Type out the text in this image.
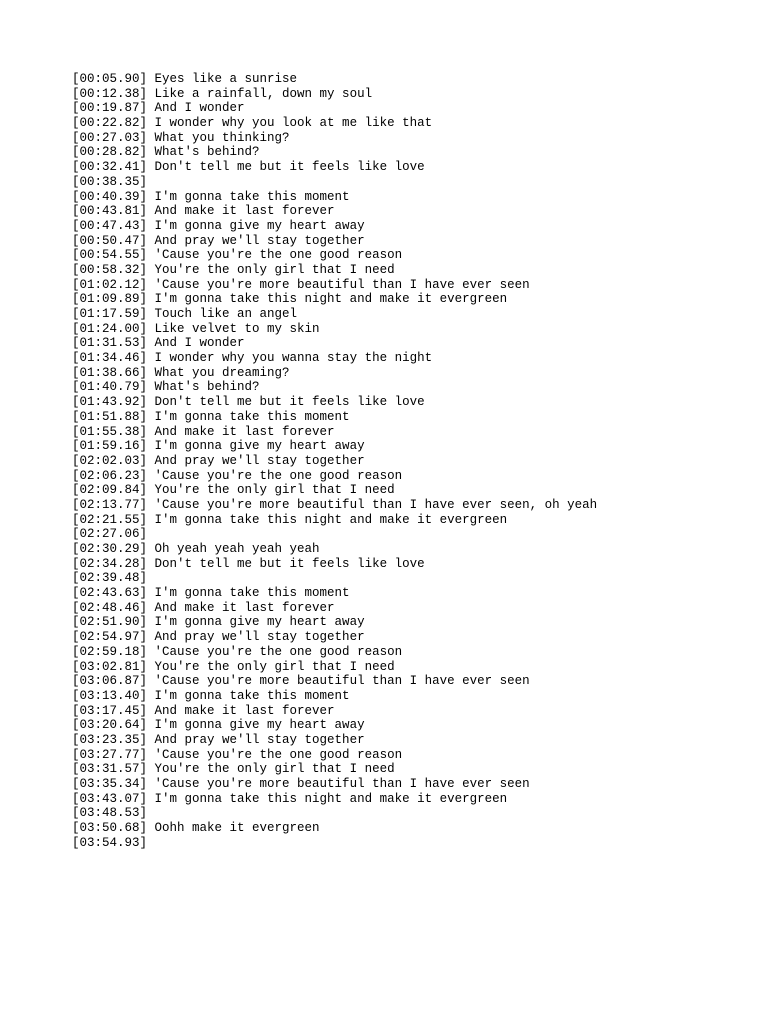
[00:05.90] Eyes like a sunrise
[00:12.38] Like a rainfall, down my soul
[00:19.87] And I wonder
[00:22.82] I wonder why you look at me like that
[00:27.03] What you thinking?
[00:28.82] What's behind?
[00:32.41] Don't tell me but it feels like love
[00:38.35]
[00:40.39] I'm gonna take this moment
[00:43.81] And make it last forever
[00:47.43] I'm gonna give my heart away
[00:50.47] And pray we'll stay together
[00:54.55] 'Cause you're the one good reason
[00:58.32] You're the only girl that I need
[01:02.12] 'Cause you're more beautiful than I have ever seen
[01:09.89] I'm gonna take this night and make it evergreen
[01:17.59] Touch like an angel
[01:24.00] Like velvet to my skin
[01:31.53] And I wonder
[01:34.46] I wonder why you wanna stay the night
[01:38.66] What you dreaming?
[01:40.79] What's behind?
[01:43.92] Don't tell me but it feels like love
[01:51.88] I'm gonna take this moment
[01:55.38] And make it last forever
[01:59.16] I'm gonna give my heart away
[02:02.03] And pray we'll stay together
[02:06.23] 'Cause you're the one good reason
[02:09.84] You're the only girl that I need
[02:13.77] 'Cause you're more beautiful than I have ever seen, oh yeah
[02:21.55] I'm gonna take this night and make it evergreen
[02:27.06]
[02:30.29] Oh yeah yeah yeah yeah
[02:34.28] Don't tell me but it feels like love
[02:39.48]
[02:43.63] I'm gonna take this moment
[02:48.46] And make it last forever
[02:51.90] I'm gonna give my heart away
[02:54.97] And pray we'll stay together
[02:59.18] 'Cause you're the one good reason
[03:02.81] You're the only girl that I need
[03:06.87] 'Cause you're more beautiful than I have ever seen
[03:13.40] I'm gonna take this moment
[03:17.45] And make it last forever
[03:20.64] I'm gonna give my heart away
[03:23.35] And pray we'll stay together
[03:27.77] 'Cause you're the one good reason
[03:31.57] You're the only girl that I need
[03:35.34] 'Cause you're more beautiful than I have ever seen
[03:43.07] I'm gonna take this night and make it evergreen
[03:48.53]
[03:50.68] Oohh make it evergreen
[03:54.93]
